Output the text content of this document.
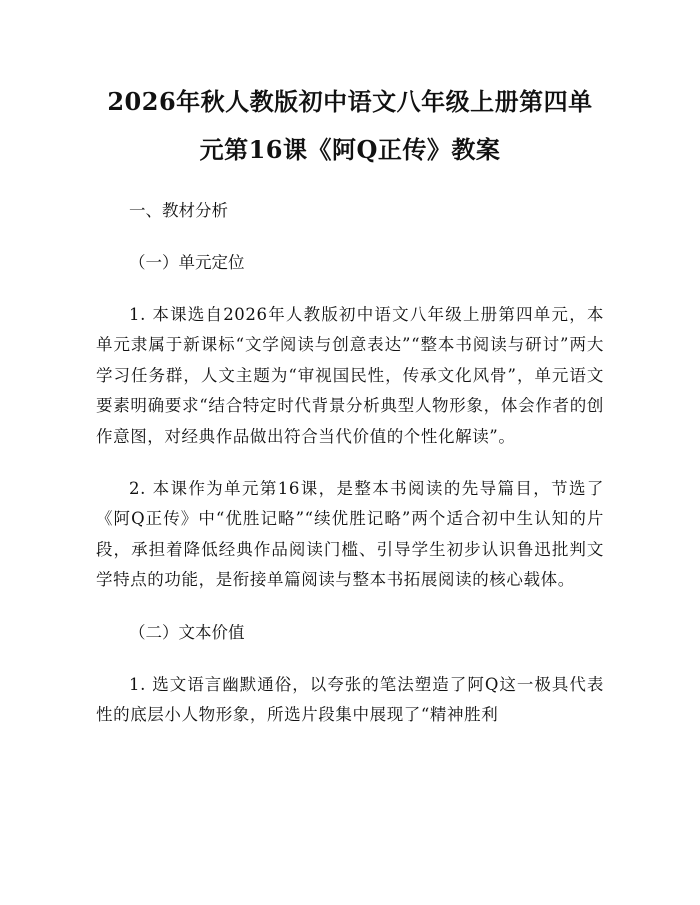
2026年秋人教版初中语文八年级上册第四单
元第16课《阿Q正传》教案

一、教材分析

（一）单元定位

1. 本课选自2026年人教版初中语文八年级上册第四单元，本单元隶属于新课标“文学阅读与创意表达”“整本书阅读与研讨”两大学习任务群，人文主题为“审视国民性，传承文化风骨”，单元语文要素明确要求“结合特定时代背景分析典型人物形象，体会作者的创作意图，对经典作品做出符合当代价值的个性化解读”。

2. 本课作为单元第16课，是整本书阅读的先导篇目，节选了《阿Q正传》中“优胜记略”“续优胜记略”两个适合初中生认知的片段，承担着降低经典作品阅读门槛、引导学生初步认识鲁迅批判文学特点的功能，是衔接单篇阅读与整本书拓展阅读的核心载体。

（二）文本价值

1. 选文语言幽默通俗，以夸张的笔法塑造了阿Q这一极具代表性的底层小人物形象，所选片段集中展现了“精神胜利
